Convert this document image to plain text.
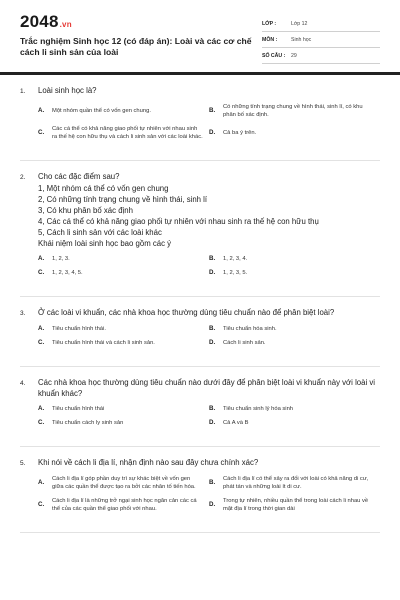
2048.vn
Trắc nghiệm Sinh học 12 (có đáp án): Loài và các cơ chế cách li sinh sản của loài
LỚP :	Lớp 12
MÔN :	Sinh học
SỐ CÂU :	29
1.	Loài sinh học là?
A.	Một nhóm quần thể có vốn gen chung.	B.	Có những tính trạng chung về hình thái, sinh lí, có khu phân bố xác định.
C.	Các cá thể có khả năng giao phối tự nhiên với nhau sinh ra thế hệ con hữu thụ và cách li sinh sản với các loài khác.
D.	Cả ba ý trên.
2.	Cho các đặc điểm sau?
1, Một nhóm cá thể có vốn gen chung
2, Có những tính trạng chung về hình thái, sinh lí
3, Có khu phân bố xác định
4, Các cá thể có khả năng giao phối tự nhiên với nhau sinh ra thế hệ con hữu thụ
5, Cách li sinh sản với các loài khác
Khái niệm loài sinh học bao gồm các ý
A.	1, 2, 3.	B.	1, 2, 3, 4.
C.	1, 2, 3, 4, 5.	D.	1, 2, 3, 5.
3.	Ở các loài vi khuẩn, các nhà khoa học thường dùng tiêu chuẩn nào để phân biệt loài?
A.	Tiêu chuẩn hình thái.	B.	Tiêu chuẩn hóa sinh.
C.	Tiêu chuẩn hình thái và cách li sinh sản.	D.	Cách li sinh sản.
4.	Các nhà khoa học thường dùng tiêu chuẩn nào dưới đây để phân biệt loài vi khuẩn này với loài vi khuẩn khác?
A.	Tiêu chuẩn hình thái	B.	Tiêu chuẩn sinh lý hóa sinh
C.	Tiêu chuẩn cách ly sinh sản	D.	Cả A và B
5.	Khi nói về cách li địa lí, nhận định nào sau đây chưa chính xác?
A.	Cách li địa lí góp phần duy trì sự khác biệt về vốn gen giữa các quần thể được tạo ra bởi các nhân tố tiến hóa.
B.	Cách li địa lí có thể xảy ra đối với loài có khả năng di cư, phát tán và những loài ít di cư.
C.	Cách li địa lí là những trở ngại sinh học ngăn cản các cá thể của các quần thể giao phối với nhau.
D.	Trong tự nhiên, nhiều quần thể trong loài cách li nhau về mặt địa lí trong thời gian dài
